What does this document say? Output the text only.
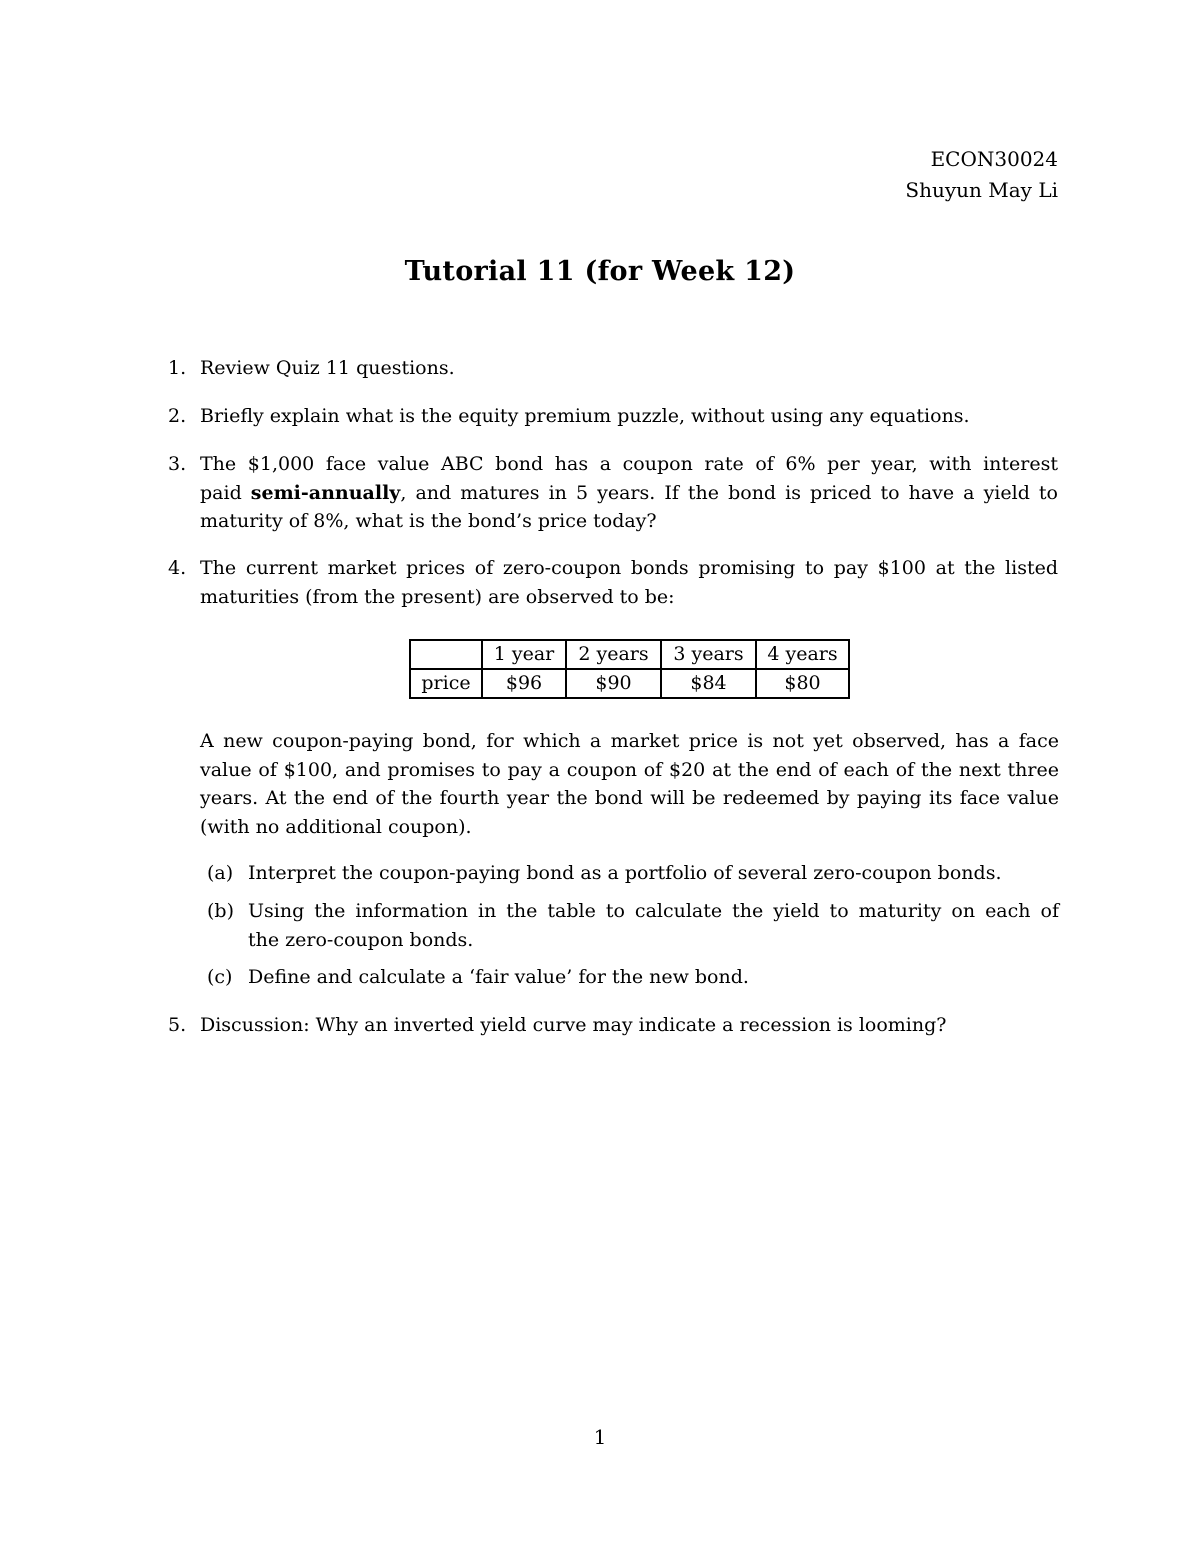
ECON30024
Shuyun May Li
Tutorial 11 (for Week 12)
1. Review Quiz 11 questions.
2. Briefly explain what is the equity premium puzzle, without using any equations.
3. The $1,000 face value ABC bond has a coupon rate of 6% per year, with interest
paid semi-annually, and matures in 5 years. If the bond is priced to have a yield to
maturity of 8%, what is the bond’s price today?
4. The current market prices of zero-coupon bonds promising to pay $100 at the listed
maturities (from the present) are observed to be:
	1 year	2 years	3 years	4 years
price	$96	$90	$84	$80
A new coupon-paying bond, for which a market price is not yet observed, has a face
value of $100, and promises to pay a coupon of $20 at the end of each of the next three
years. At the end of the fourth year the bond will be redeemed by paying its face value
(with no additional coupon).
(a) Interpret the coupon-paying bond as a portfolio of several zero-coupon bonds.
(b) Using the information in the table to calculate the yield to maturity on each of
the zero-coupon bonds.
(c) Define and calculate a ‘fair value’ for the new bond.
5. Discussion: Why an inverted yield curve may indicate a recession is looming?
1
